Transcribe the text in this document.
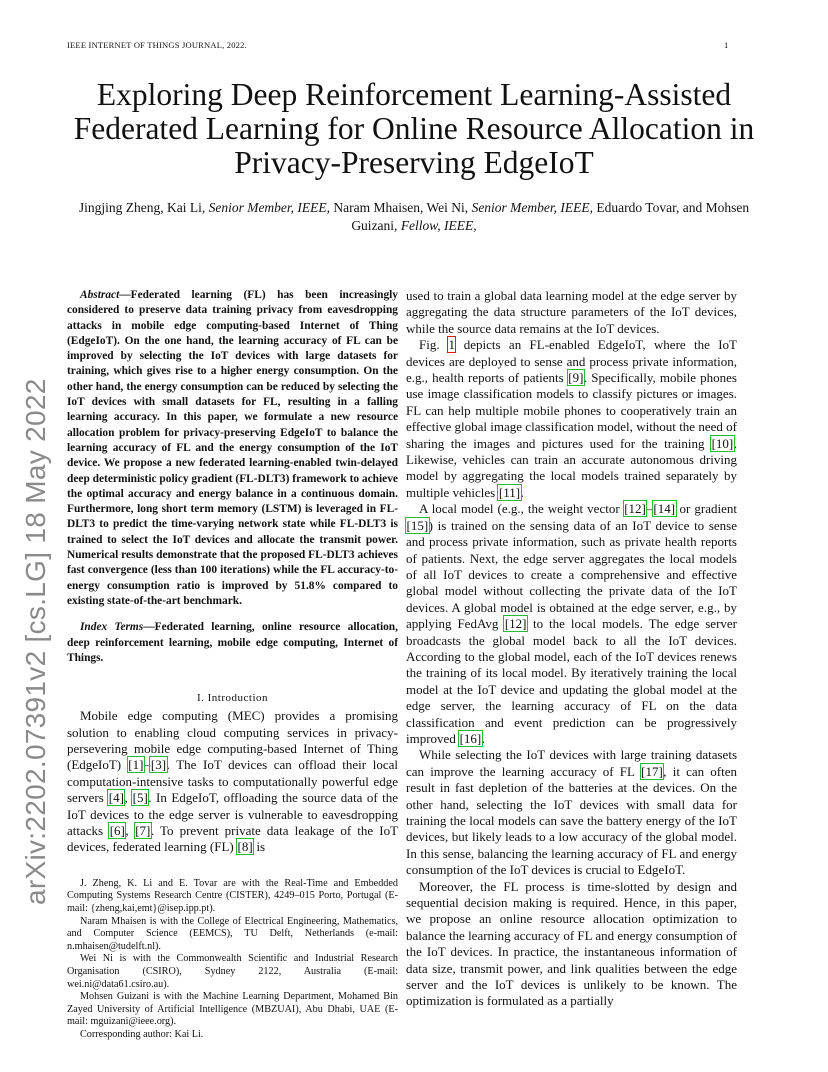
IEEE INTERNET OF THINGS JOURNAL, 2022.	1
Exploring Deep Reinforcement Learning-Assisted Federated Learning for Online Resource Allocation in Privacy-Preserving EdgeIoT
Jingjing Zheng, Kai Li, Senior Member, IEEE, Naram Mhaisen, Wei Ni, Senior Member, IEEE, Eduardo Tovar, and Mohsen Guizani, Fellow, IEEE,
arXiv:2202.07391v2 [cs.LG] 18 May 2022

Abstract—Federated learning (FL) has been increasingly considered to preserve data training privacy from eavesdropping attacks in mobile edge computing-based Internet of Thing (EdgeIoT). On the one hand, the learning accuracy of FL can be improved by selecting the IoT devices with large datasets for training, which gives rise to a higher energy consumption. On the other hand, the energy consumption can be reduced by selecting the IoT devices with small datasets for FL, resulting in a falling learning accuracy. In this paper, we formulate a new resource allocation problem for privacy-preserving EdgeIoT to balance the learning accuracy of FL and the energy consumption of the IoT device. We propose a new federated learning-enabled twin-delayed deep deterministic policy gradient (FL-DLT3) framework to achieve the optimal accuracy and energy balance in a continuous domain. Furthermore, long short term memory (LSTM) is leveraged in FL-DLT3 to predict the time-varying network state while FL-DLT3 is trained to select the IoT devices and allocate the transmit power. Numerical results demonstrate that the proposed FL-DLT3 achieves fast convergence (less than 100 iterations) while the FL accuracy-to-energy consumption ratio is improved by 51.8% compared to existing state-of-the-art benchmark.

Index Terms—Federated learning, online resource allocation, deep reinforcement learning, mobile edge computing, Internet of Things.

I. Introduction

Mobile edge computing (MEC) provides a promising solution to enabling cloud computing services in privacy-persevering mobile edge computing-based Internet of Thing (EdgeIoT) [1]–[3]. The IoT devices can offload their local computation-intensive tasks to computationally powerful edge servers [4], [5]. In EdgeIoT, offloading the source data of the IoT devices to the edge server is vulnerable to eavesdropping attacks [6], [7]. To prevent private data leakage of the IoT devices, federated learning (FL) [8] is

J. Zheng, K. Li and E. Tovar are with the Real-Time and Embedded Computing Systems Research Centre (CISTER), 4249–015 Porto, Portugal (E-mail: {zheng,kai,emt}@isep.ipp.pt).

Naram Mhaisen is with the College of Electrical Engineering, Mathematics, and Computer Science (EEMCS), TU Delft, Netherlands (e-mail: n.mhaisen@tudelft.nl).

Wei Ni is with the Commonwealth Scientific and Industrial Research Organisation (CSIRO), Sydney 2122, Australia (E-mail: wei.ni@data61.csiro.au).

Mohsen Guizani is with the Machine Learning Department, Mohamed Bin Zayed University of Artificial Intelligence (MBZUAI), Abu Dhabi, UAE (E-mail: mguizani@ieee.org).

Corresponding author: Kai Li.

used to train a global data learning model at the edge server by aggregating the data structure parameters of the IoT devices, while the source data remains at the IoT devices.

Fig. 1 depicts an FL-enabled EdgeIoT, where the IoT devices are deployed to sense and process private information, e.g., health reports of patients [9]. Specifically, mobile phones use image classification models to classify pictures or images. FL can help multiple mobile phones to cooperatively train an effective global image classification model, without the need of sharing the images and pictures used for the training [10]. Likewise, vehicles can train an accurate autonomous driving model by aggregating the local models trained separately by multiple vehicles [11].

A local model (e.g., the weight vector [12]–[14] or gradient [15]) is trained on the sensing data of an IoT device to sense and process private information, such as private health reports of patients. Next, the edge server aggregates the local models of all IoT devices to create a comprehensive and effective global model without collecting the private data of the IoT devices. A global model is obtained at the edge server, e.g., by applying FedAvg [12] to the local models. The edge server broadcasts the global model back to all the IoT devices. According to the global model, each of the IoT devices renews the training of its local model. By iteratively training the local model at the IoT device and updating the global model at the edge server, the learning accuracy of FL on the data classification and event prediction can be progressively improved [16].

While selecting the IoT devices with large training datasets can improve the learning accuracy of FL [17], it can often result in fast depletion of the batteries at the devices. On the other hand, selecting the IoT devices with small data for training the local models can save the battery energy of the IoT devices, but likely leads to a low accuracy of the global model. In this sense, balancing the learning accuracy of FL and energy consumption of the IoT devices is crucial to EdgeIoT.

Moreover, the FL process is time-slotted by design and sequential decision making is required. Hence, in this paper, we propose an online resource allocation optimization to balance the learning accuracy of FL and energy consumption of the IoT devices. In practice, the instantaneous information of data size, transmit power, and link qualities between the edge server and the IoT devices is unlikely to be known. The optimization is formulated as a partially
